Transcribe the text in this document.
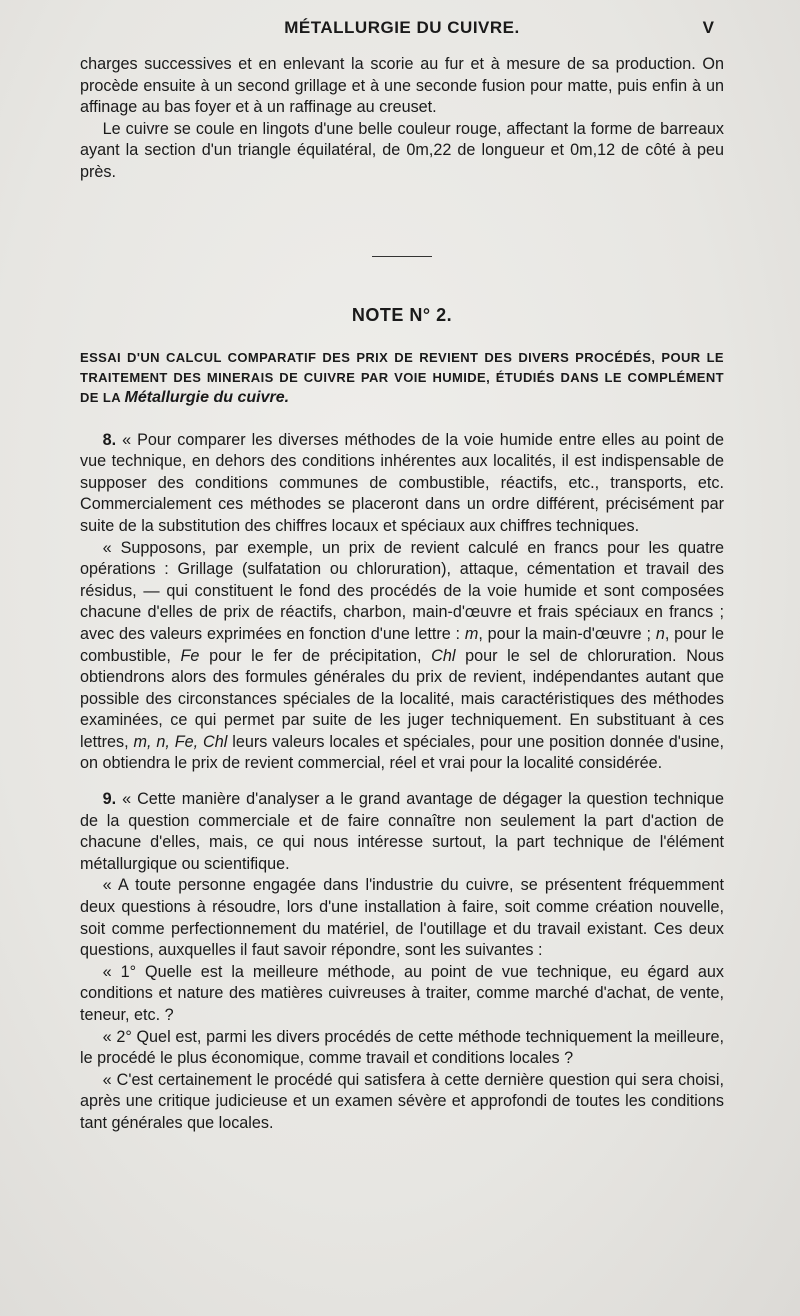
MÉTALLURGIE DU CUIVRE.	V

charges successives et en enlevant la scorie au fur et à mesure de sa production. On procède ensuite à un second grillage et à une seconde fusion pour matte, puis enfin à un affinage au bas foyer et à un raffinage au creuset.

Le cuivre se coule en lingots d'une belle couleur rouge, affectant la forme de barreaux ayant la section d'un triangle équilatéral, de 0m,22 de longueur et 0m,12 de côté à peu près.

NOTE N° 2.
ESSAI D'UN CALCUL COMPARATIF DES PRIX DE REVIENT DES DIVERS PROCÉDÉS, POUR LE TRAITEMENT DES MINERAIS DE CUIVRE PAR VOIE HUMIDE, ÉTUDIÉS DANS LE COMPLÉMENT DE LA Métallurgie du cuivre.

8. « Pour comparer les diverses méthodes de la voie humide entre elles au point de vue technique, en dehors des conditions inhérentes aux localités, il est indispensable de supposer des conditions communes de combustible, réactifs, etc., transports, etc. Commercialement ces méthodes se placeront dans un ordre différent, précisément par suite de la substitution des chiffres locaux et spéciaux aux chiffres techniques.

« Supposons, par exemple, un prix de revient calculé en francs pour les quatre opérations : Grillage (sulfatation ou chloruration), attaque, cémentation et travail des résidus, — qui constituent le fond des procédés de la voie humide et sont composées chacune d'elles de prix de réactifs, charbon, main-d'œuvre et frais spéciaux en francs ; avec des valeurs exprimées en fonction d'une lettre : m, pour la main-d'œuvre ; n, pour le combustible, Fe pour le fer de précipitation, Chl pour le sel de chloruration. Nous obtiendrons alors des formules générales du prix de revient, indépendantes autant que possible des circonstances spéciales de la localité, mais caractéristiques des méthodes examinées, ce qui permet par suite de les juger techniquement. En substituant à ces lettres, m, n, Fe, Chl leurs valeurs locales et spéciales, pour une position donnée d'usine, on obtiendra le prix de revient commercial, réel et vrai pour la localité considérée.

9. « Cette manière d'analyser a le grand avantage de dégager la question technique de la question commerciale et de faire connaître non seulement la part d'action de chacune d'elles, mais, ce qui nous intéresse surtout, la part technique de l'élément métallurgique ou scientifique.

« A toute personne engagée dans l'industrie du cuivre, se présentent fréquemment deux questions à résoudre, lors d'une installation à faire, soit comme création nouvelle, soit comme perfectionnement du matériel, de l'outillage et du travail existant. Ces deux questions, auxquelles il faut savoir répondre, sont les suivantes :

« 1° Quelle est la meilleure méthode, au point de vue technique, eu égard aux conditions et nature des matières cuivreuses à traiter, comme marché d'achat, de vente, teneur, etc. ?

« 2° Quel est, parmi les divers procédés de cette méthode techniquement la meilleure, le procédé le plus économique, comme travail et conditions locales ?

« C'est certainement le procédé qui satisfera à cette dernière question qui sera choisi, après une critique judicieuse et un examen sévère et approfondi de toutes les conditions tant générales que locales.
